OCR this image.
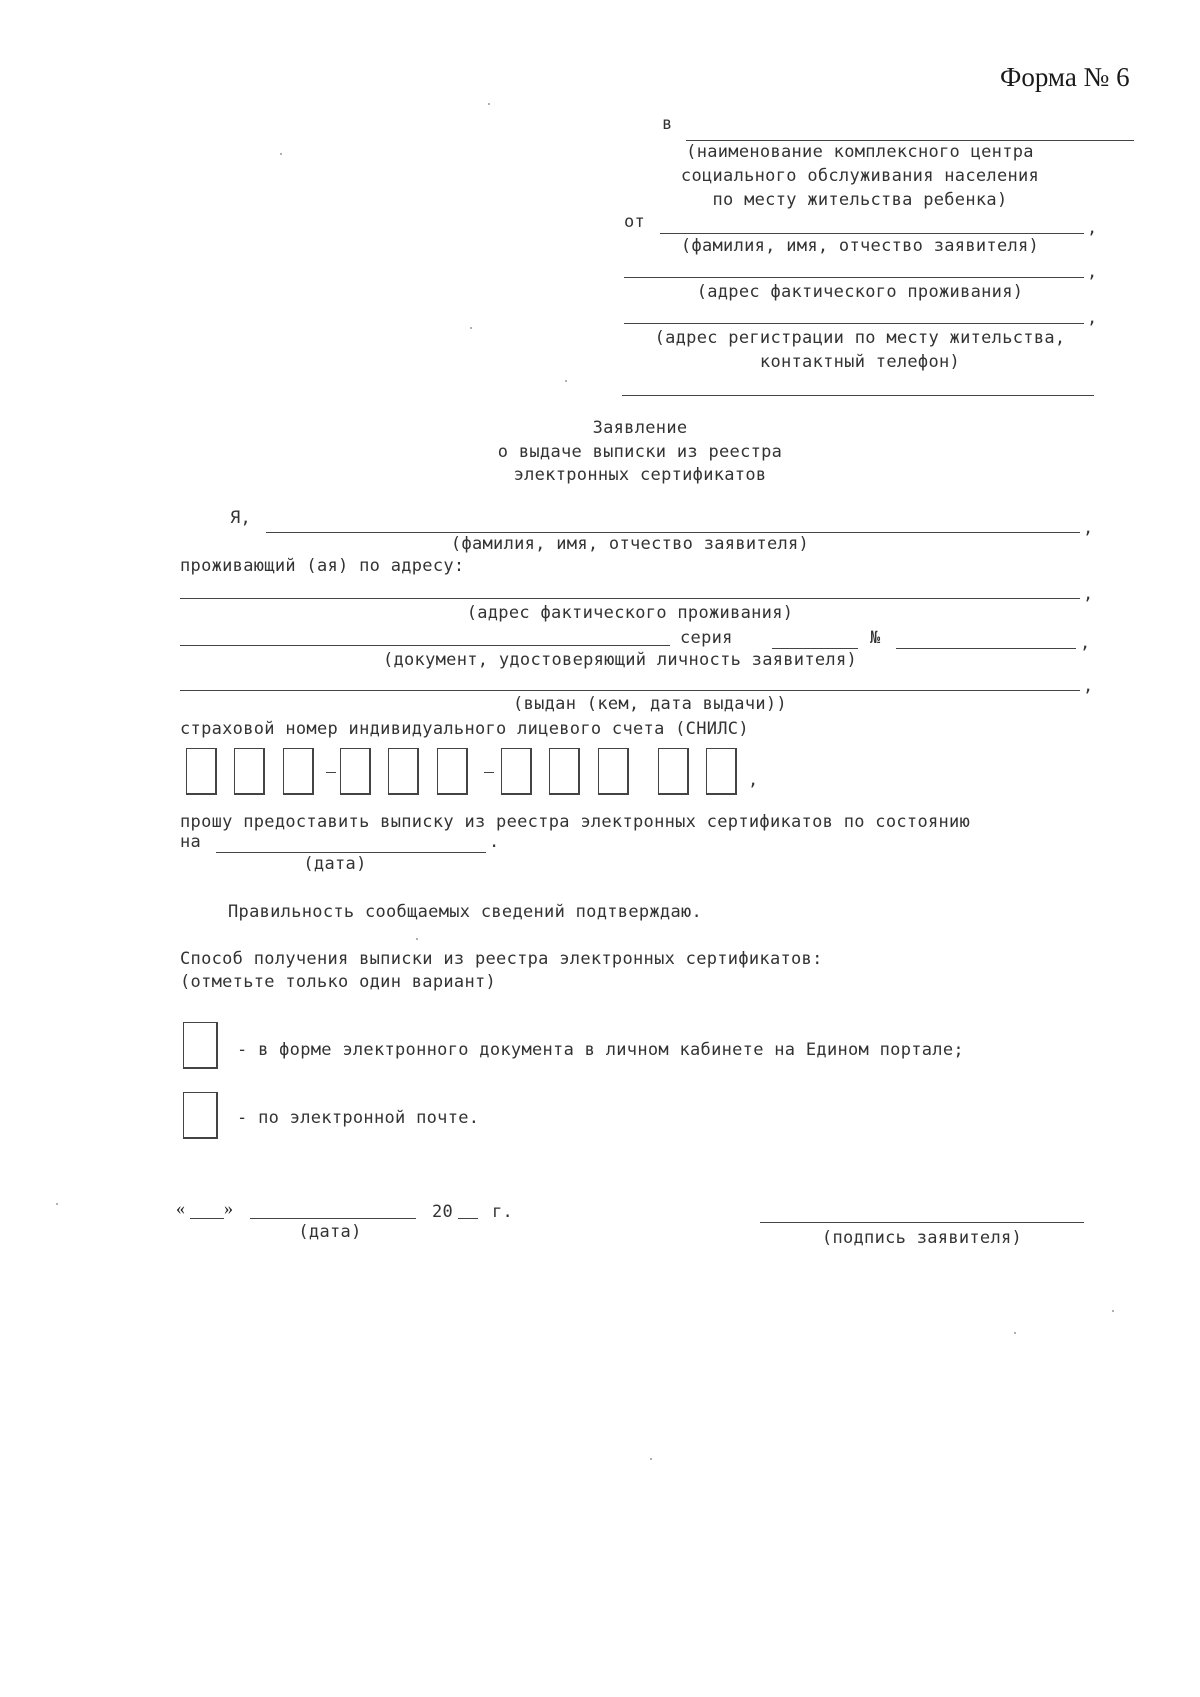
Форма № 6
в
(наименование комплексного центра
социального обслуживания населения
по месту жительства ребенка)
от	,
(фамилия, имя, отчество заявителя)
,
(адрес фактического проживания)
,
(адрес регистрации по месту жительства,
контактный телефон)
Заявление
о выдаче выписки из реестра
электронных сертификатов
Я,	,
(фамилия, имя, отчество заявителя)
проживающий (ая) по адресу:
,
(адрес фактического проживания)
серия	№	,
(документ, удостоверяющий личность заявителя)
,
(выдан (кем, дата выдачи))
страховой номер индивидуального лицевого счета (СНИЛС)
,
прошу предоставить выписку из реестра электронных сертификатов по состоянию
на	.
(дата)
Правильность сообщаемых сведений подтверждаю.
Способ получения выписки из реестра электронных сертификатов:
(отметьте только один вариант)
- в форме электронного документа в личном кабинете на Едином портале;
- по электронной почте.
« »	20 г.
(дата)	(подпись заявителя)
